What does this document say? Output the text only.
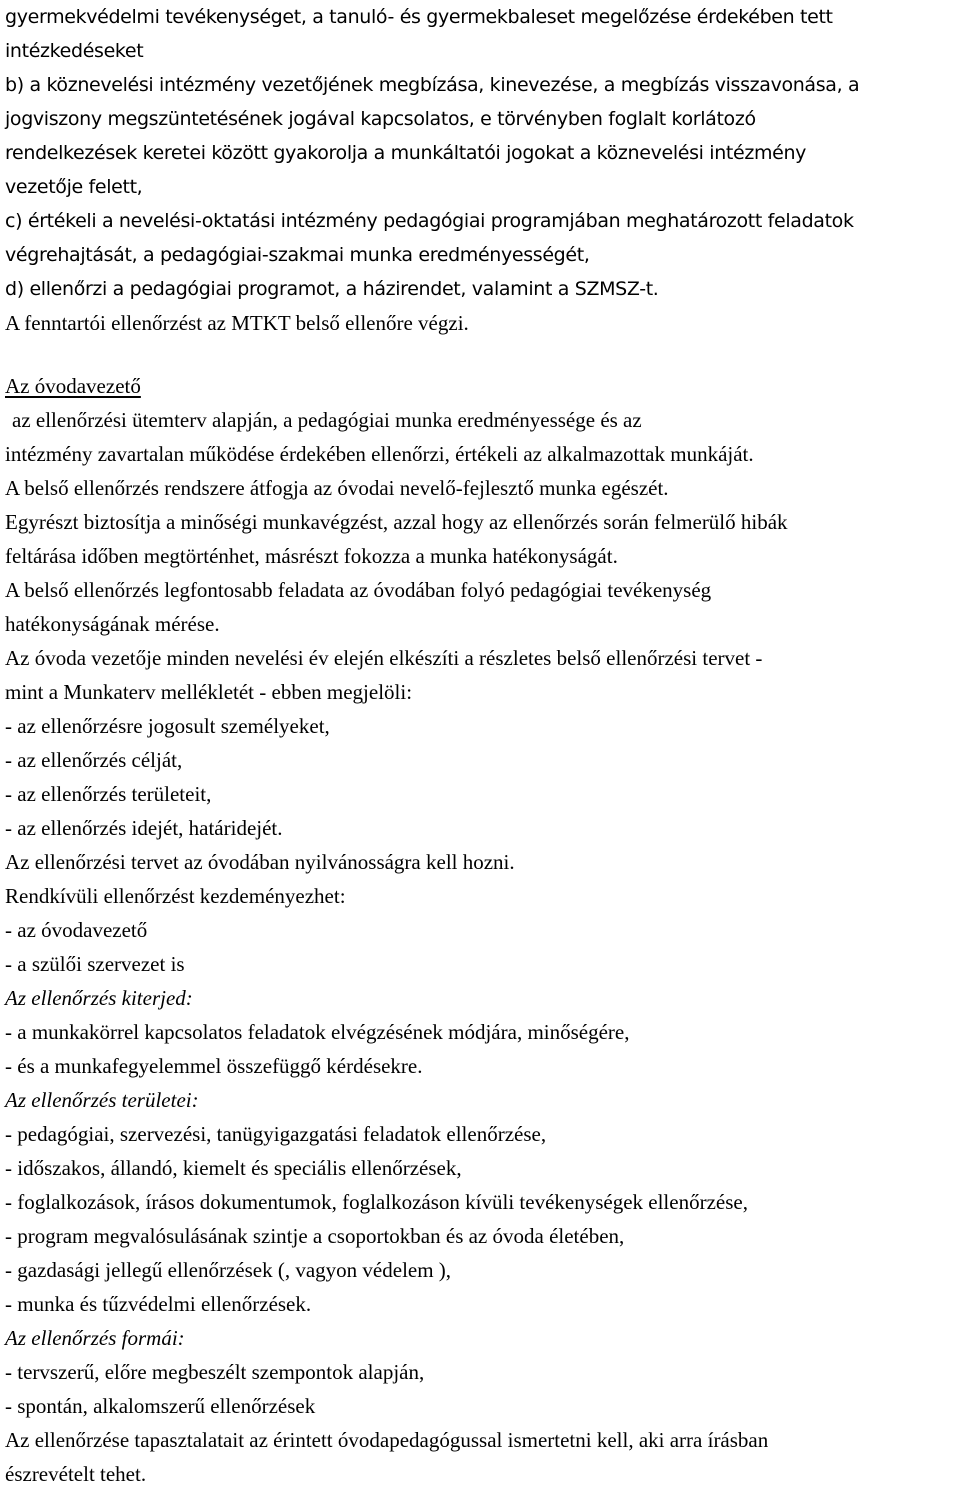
gyermekvédelmi tevékenységet, a tanuló- és gyermekbaleset megelőzése érdekében tett

intézkedéseket

b) a köznevelési intézmény vezetőjének megbízása, kinevezése, a megbízás visszavonása, a

jogviszony megszüntetésének jogával kapcsolatos, e törvényben foglalt korlátozó

rendelkezések keretei között gyakorolja a munkáltatói jogokat a köznevelési intézmény

vezetője felett,

c) értékeli a nevelési-oktatási intézmény pedagógiai programjában meghatározott feladatok

végrehajtását, a pedagógiai-szakmai munka eredményességét,

d) ellenőrzi a pedagógiai programot, a házirendet, valamint a SZMSZ-t.

A fenntartói ellenőrzést az MTKT belső ellenőre végzi.

Az óvodavezető

az ellenőrzési ütemterv alapján, a pedagógiai munka eredményessége és az

intézmény zavartalan működése érdekében ellenőrzi, értékeli az alkalmazottak munkáját.

A belső ellenőrzés rendszere átfogja az óvodai nevelő-fejlesztő munka egészét.

Egyrészt biztosítja a minőségi munkavégzést, azzal hogy az ellenőrzés során felmerülő hibák

feltárása időben megtörténhet, másrészt fokozza a munka hatékonyságát.

A belső ellenőrzés legfontosabb feladata az óvodában folyó pedagógiai tevékenység

hatékonyságának mérése.

Az óvoda vezetője minden nevelési év elején elkészíti a részletes belső ellenőrzési tervet -

mint a Munkaterv mellékletét - ebben megjelöli:

- az ellenőrzésre jogosult személyeket,

- az ellenőrzés célját,

- az ellenőrzés területeit,

- az ellenőrzés idejét, határidejét.

Az ellenőrzési tervet az óvodában nyilvánosságra kell hozni.

Rendkívüli ellenőrzést kezdeményezhet:

- az óvodavezető

- a szülői szervezet is

Az ellenőrzés kiterjed:

- a munkakörrel kapcsolatos feladatok elvégzésének módjára, minőségére,

- és a munkafegyelemmel összefüggő kérdésekre.

Az ellenőrzés területei:

- pedagógiai, szervezési, tanügyigazgatási feladatok ellenőrzése,

- időszakos, állandó, kiemelt és speciális ellenőrzések,

- foglalkozások, írásos dokumentumok, foglalkozáson kívüli tevékenységek ellenőrzése,

- program megvalósulásának szintje a csoportokban és az óvoda életében,

- gazdasági jellegű ellenőrzések (, vagyon védelem ),

- munka és tűzvédelmi ellenőrzések.

Az ellenőrzés formái:

- tervszerű, előre megbeszélt szempontok alapján,

- spontán, alkalomszerű ellenőrzések

Az ellenőrzése tapasztalatait az érintett óvodapedagógussal ismertetni kell, aki arra írásban

észrevételt tehet.
